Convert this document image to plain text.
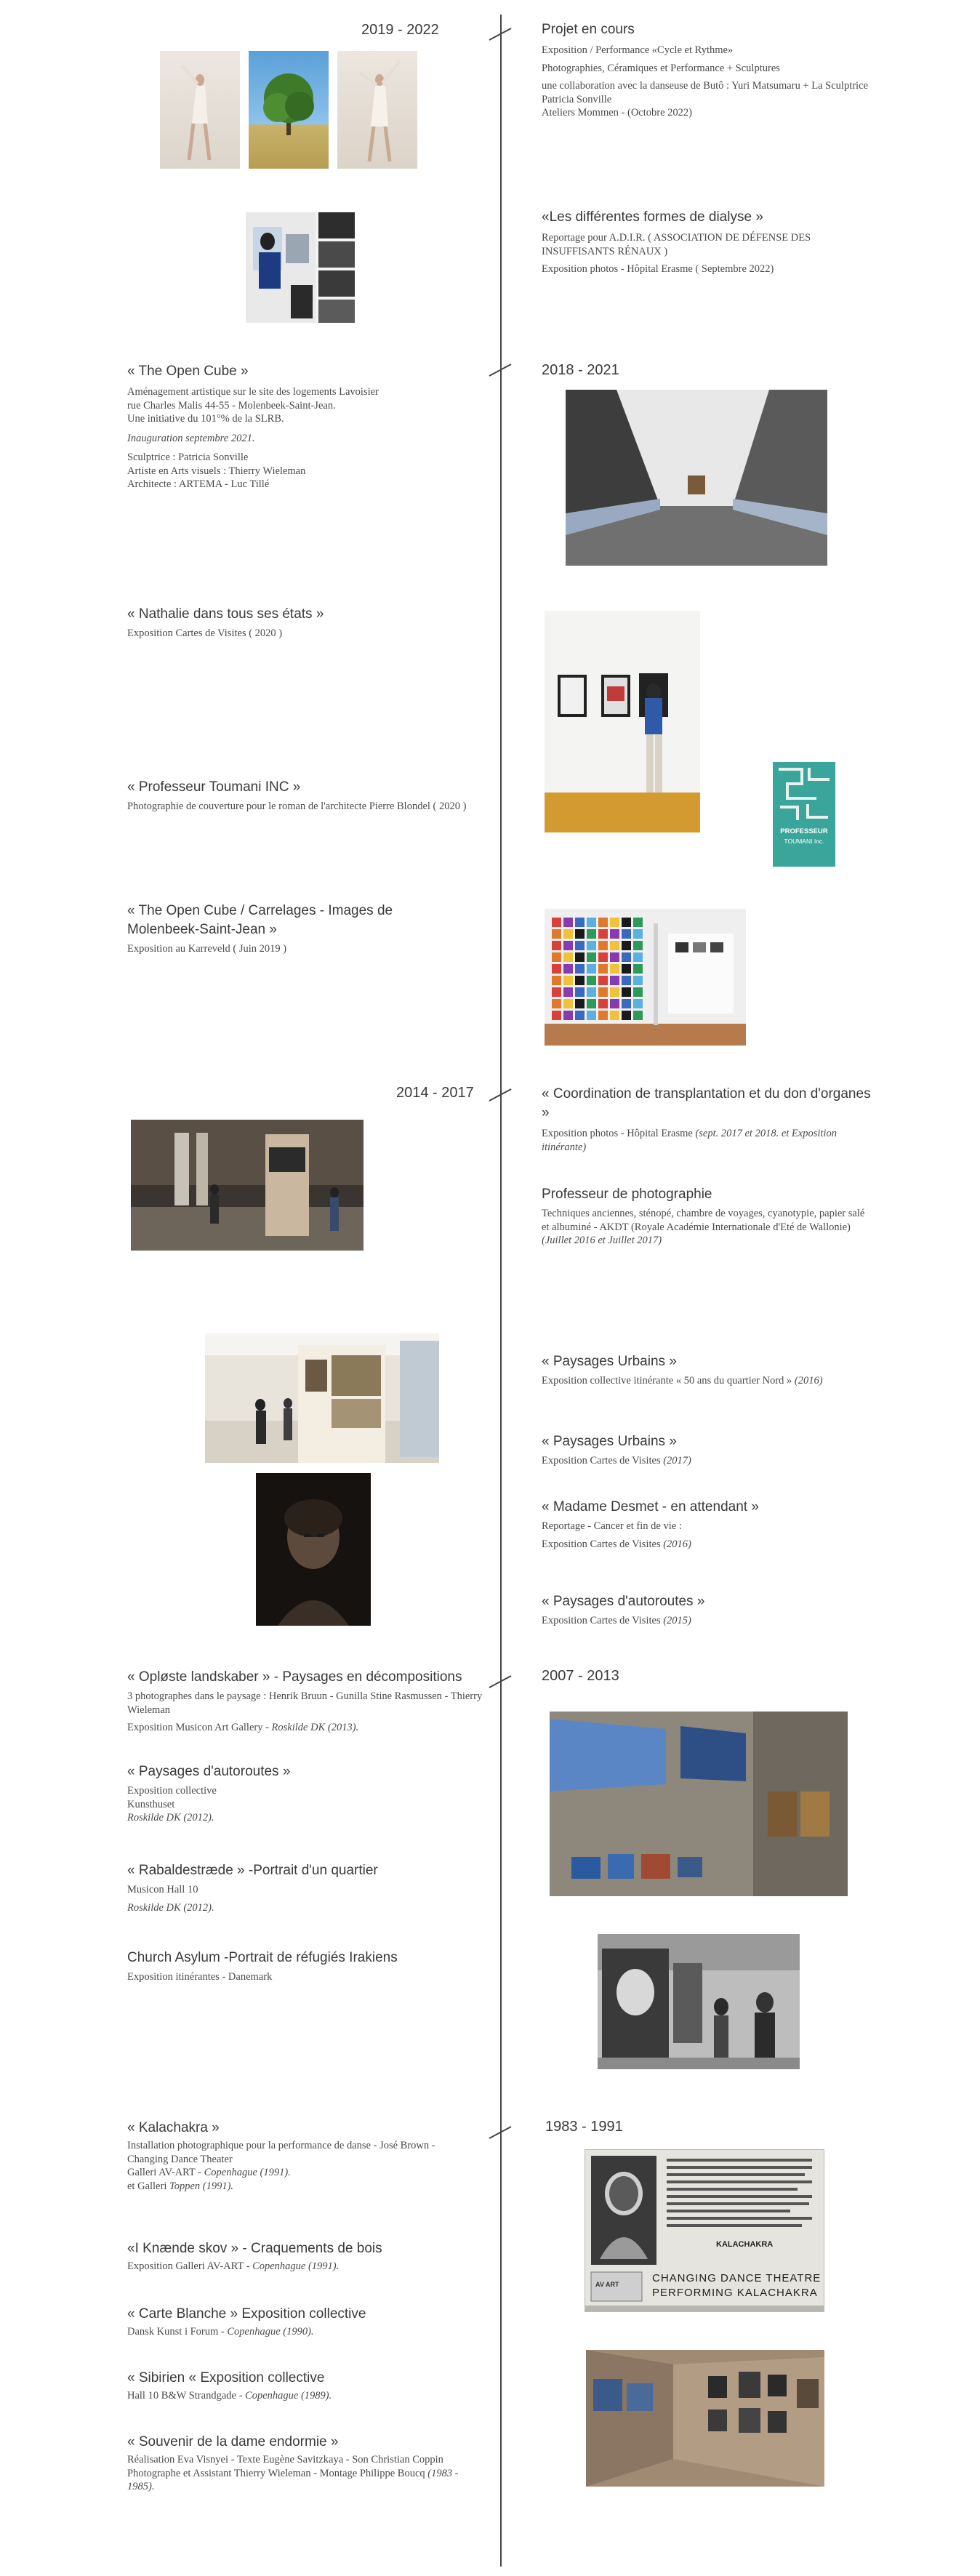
2019 - 2022	Projet en cours

Exposition / Performance «Cycle et Rythme»

Photographies, Céramiques et Performance + Sculptures

une collaboration avec la danseuse de Butô : Yuri Matsumaru + La Sculptrice Patricia Sonville

Ateliers Mommen - (Octobre 2022)

«Les différentes formes de dialyse »

Reportage pour A.D.I.R. ( ASSOCIATION DE DÉFENSE DES INSUFFISANTS RÉNAUX )

Exposition photos - Hôpital Erasme ( Septembre 2022)

2018 - 2021
« The Open Cube »

Aménagement artistique sur le site des logements Lavoisier

rue Charles Malis 44-55 - Molenbeek-Saint-Jean.

Une initiative du 101°% de la SLRB.

Inauguration septembre 2021.

Sculptrice : Patricia Sonville

Artiste en Arts visuels : Thierry Wieleman

Architecte : ARTEMA - Luc Tillé

« Nathalie dans tous ses états »

Exposition Cartes de Visites ( 2020 )

« Professeur Toumani INC »

Photographie de couverture pour le roman de l'architecte Pierre Blondel ( 2020 )

PROFESSEUR
TOUMANI Inc.
« The Open Cube / Carrelages - Images de Molenbeek-Saint-Jean »

Exposition au Karreveld ( Juin 2019 )

2014 - 2017	« Coordination de transplantation et du don d'organes »

Exposition photos - Hôpital Erasme (sept. 2017 et 2018. et Exposition itinérante)

Professeur de photographie

Techniques anciennes, sténopé, chambre de voyages, cyanotypie, papier salé et albuminé - AKDT (Royale Académie Internationale d'Eté de Wallonie) (Juillet 2016 et Juillet 2017)

« Paysages Urbains »

Exposition collective itinérante « 50 ans du quartier Nord » (2016)

« Paysages Urbains »

Exposition Cartes de Visites (2017)

« Madame Desmet - en attendant »

Reportage - Cancer et fin de vie :

Exposition Cartes de Visites (2016)

« Paysages d'autoroutes »

Exposition Cartes de Visites (2015)

2007 - 2013
« Opløste landskaber » - Paysages en décompositions

3 photographes dans le paysage : Henrik Bruun - Gunilla Stine Rasmussen - Thierry Wieleman

Exposition Musicon Art Gallery - Roskilde DK (2013).

« Paysages d'autoroutes »

Exposition collective

Kunsthuset

Roskilde DK (2012).

« Rabaldestræde » -Portrait d'un quartier

Musicon Hall 10

Roskilde DK (2012).

Church Asylum -Portrait de réfugiés Irakiens

Exposition itinérantes - Danemark

1983 - 1991
« Kalachakra »

Installation photographique pour la performance de danse - José Brown - Changing Dance Theater

Galleri AV-ART - Copenhague (1991).

et Galleri Toppen (1991).

KALACHAKRA
AV ART	CHANGING DANCE THEATRE
PERFORMING KALACHAKRA
«I Knænde skov » - Craquements de bois

Exposition Galleri AV-ART - Copenhague (1991).

« Carte Blanche » Exposition collective

Dansk Kunst i Forum - Copenhague (1990).

« Sibirien « Exposition collective

Hall 10 B&W Strandgade - Copenhague (1989).

« Souvenir de la dame endormie »

Réalisation Eva Visnyei - Texte Eugène Savitzkaya - Son Christian Coppin Photographe et Assistant Thierry Wieleman - Montage Philippe Boucq (1983 - 1985).
